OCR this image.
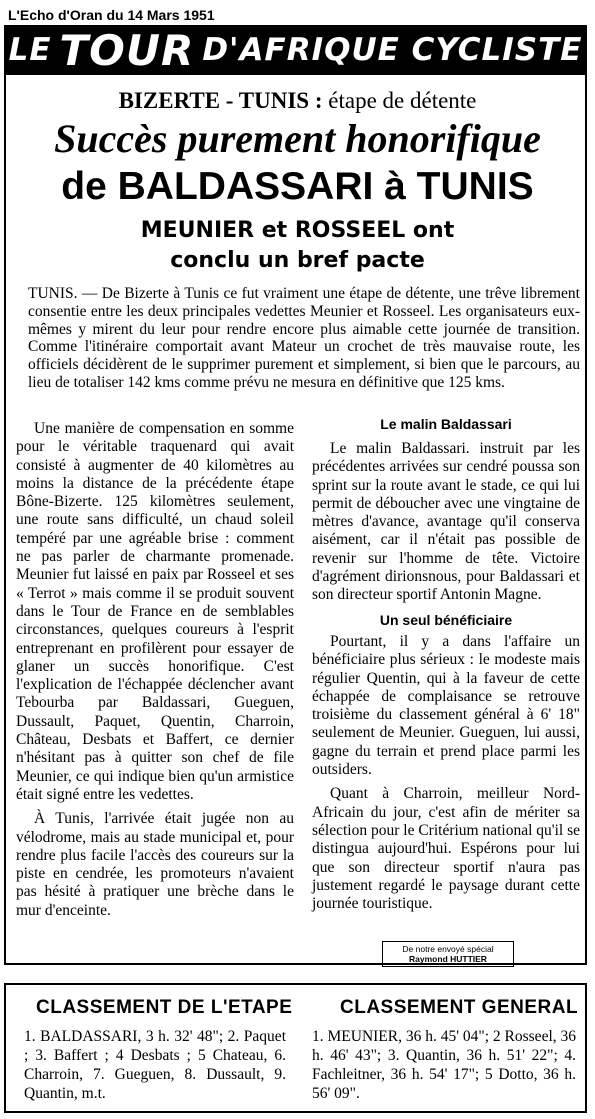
L'Echo d'Oran du 14 Mars 1951
LE TOUR D'AFRIQUE CYCLISTE
BIZERTE - TUNIS : étape de détente
Succès purement honorifique
de BALDASSARI à TUNIS
MEUNIER et ROSSEEL ont
conclu un bref pacte
TUNIS. — De Bizerte à Tunis ce fut vraiment une étape de détente, une trêve librement consentie entre les deux principales vedettes Meunier et Rosseel. Les organisateurs eux-mêmes y mirent du leur pour rendre encore plus aimable cette journée de transition. Comme l'itinéraire comportait avant Mateur un crochet de très mauvaise route, les officiels décidèrent de le supprimer purement et simplement, si bien que le parcours, au lieu de totaliser 142 kms comme prévu ne mesura en définitive que 125 kms.

Une manière de compensation en somme pour le véritable traquenard qui avait consisté à augmenter de 40 kilomètres au moins la distance de la précédente étape Bône-Bizerte. 125 kilomètres seulement, une route sans difficulté, un chaud soleil tempéré par une agréable brise : comment ne pas parler de charmante promenade. Meunier fut laissé en paix par Rosseel et ses « Terrot » mais comme il se produit souvent dans le Tour de France en de semblables circonstances, quelques coureurs à l'esprit entreprenant en profilèrent pour essayer de glaner un succès honorifique. C'est l'explication de l'échappée déclencher avant Tebourba par Baldassari, Gueguen, Dussault, Paquet, Quentin, Charroin, Château, Desbats et Baffert, ce dernier n'hésitant pas à quitter son chef de file Meunier, ce qui indique bien qu'un armistice était signé entre les vedettes.

À Tunis, l'arrivée était jugée non au vélodrome, mais au stade municipal et, pour rendre plus facile l'accès des coureurs sur la piste en cendrée, les promoteurs n'avaient pas hésité à pratiquer une brèche dans le mur d'enceinte.

Le malin Baldassari

Le malin Baldassari. instruit par les précédentes arrivées sur cendré poussa son sprint sur la route avant le stade, ce qui lui permit de déboucher avec une vingtaine de mètres d'avance, avantage qu'il conserva aisément, car il n'était pas possible de revenir sur l'homme de tête. Victoire d'agrément dirionsnous, pour Baldassari et son directeur sportif Antonin Magne.

Un seul bénéficiaire

Pourtant, il y a dans l'affaire un bénéficiaire plus sérieux : le modeste mais régulier Quentin, qui à la faveur de cette échappée de complaisance se retrouve troisième du classement général à 6' 18" seulement de Meunier. Gueguen, lui aussi, gagne du terrain et prend place parmi les outsiders.

Quant à Charroin, meilleur Nord-Africain du jour, c'est afin de mériter sa sélection pour le Critérium national qu'il se distingua aujourd'hui. Espérons pour lui que son directeur sportif n'aura pas justement regardé le paysage durant cette journée touristique.

De notre envoyé spécial
Raymond HUTTIER
CLASSEMENT DE L'ETAPE
1. BALDASSARI, 3 h. 32' 48"; 2. Paquet ; 3. Baffert ; 4 Desbats ; 5 Chateau, 6. Charroin, 7. Gueguen, 8. Dussault, 9. Quantin, m.t.
CLASSEMENT GENERAL
1. MEUNIER, 36 h. 45' 04"; 2 Rosseel, 36 h. 46' 43"; 3. Quantin, 36 h. 51' 22"; 4. Fachleitner, 36 h. 54' 17"; 5 Dotto, 36 h. 56' 09".
